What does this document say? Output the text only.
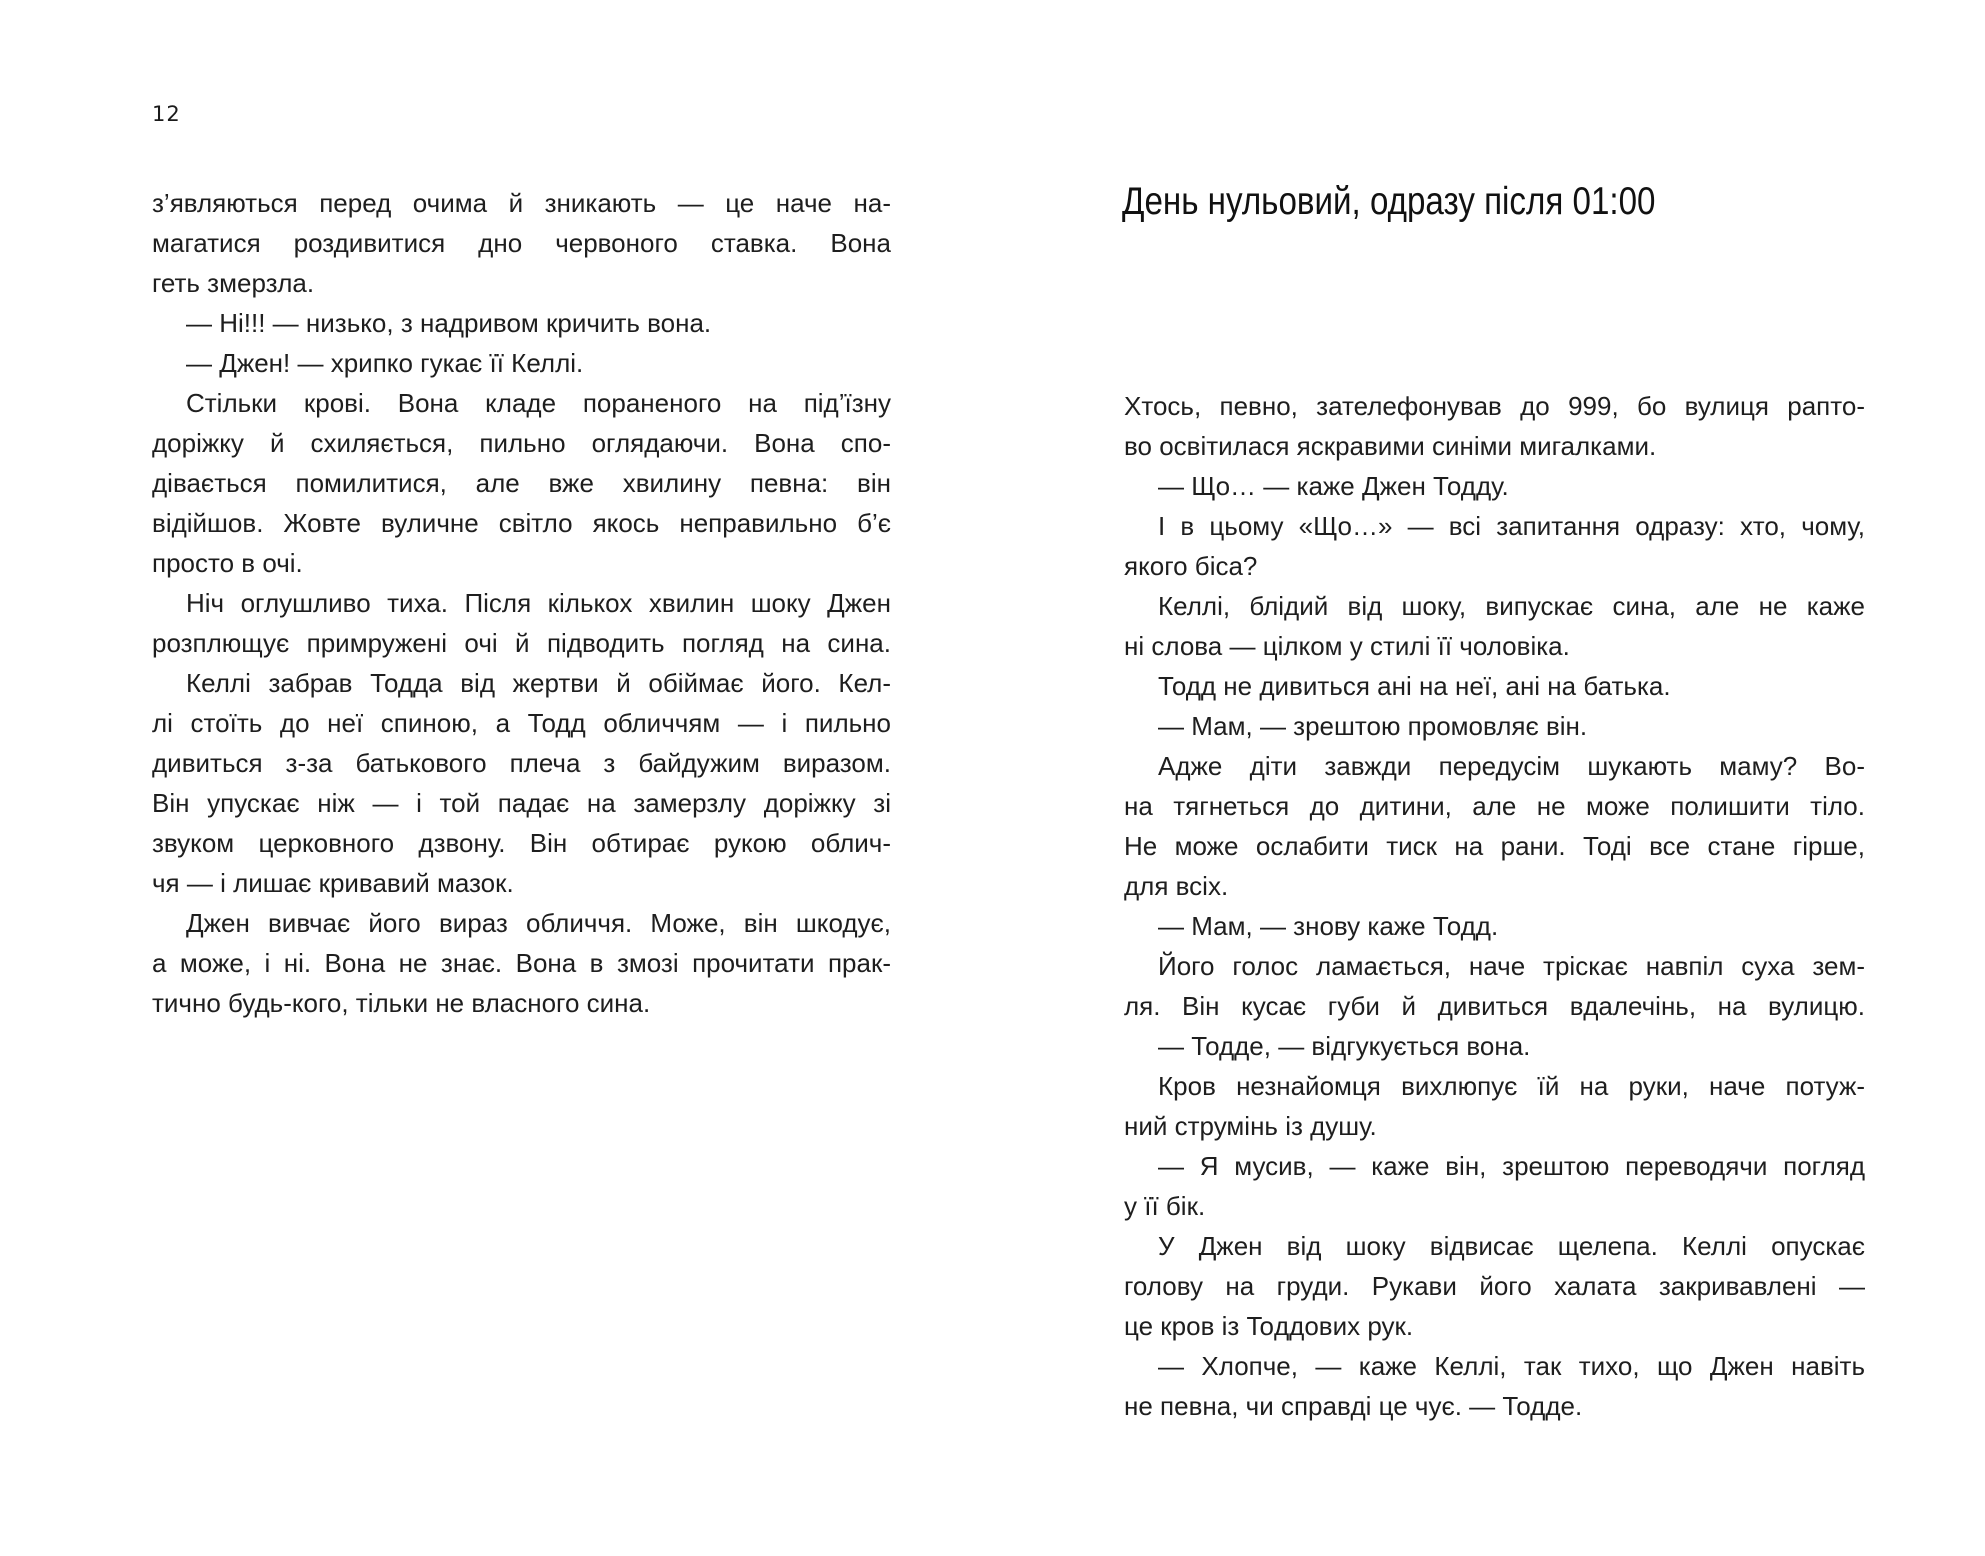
12
з’являються перед очима й зникають — це наче на-
магатися роздивитися дно червоного ставка. Вона
геть змерзла.
— Ні!!! — низько, з надривом кричить вона.
— Джен! — хрипко гукає її Келлі.
Стільки крові. Вона кладе пораненого на під’їзну
доріжку й схиляється, пильно оглядаючи. Вона спо-
дівається помилитися, але вже хвилину певна: він
відійшов. Жовте вуличне світло якось неправильно б’є
просто в очі.
Ніч оглушливо тиха. Після кількох хвилин шоку Джен
розплющує примружені очі й підводить погляд на сина.
Келлі забрав Тодда від жертви й обіймає його. Кел-
лі стоїть до неї спиною, а Тодд обличчям — і пильно
дивиться з-за батькового плеча з байдужим виразом.
Він упускає ніж — і той падає на замерзлу доріжку зі
звуком церковного дзвону. Він обтирає рукою облич-
чя — і лишає кривавий мазок.
Джен вивчає його вираз обличчя. Може, він шкодує,
а може, і ні. Вона не знає. Вона в змозі прочитати прак-
тично будь-кого, тільки не власного сина.
День нульовий, одразу після 01:00
Хтось, певно, зателефонував до 999, бо вулиця рапто-
во освітилася яскравими синіми мигалками.
— Що… — каже Джен Тодду.
І в цьому «Що…» — всі запитання одразу: хто, чому,
якого біса?
Келлі, блідий від шоку, випускає сина, але не каже
ні слова — цілком у стилі її чоловіка.
Тодд не дивиться ані на неї, ані на батька.
— Мам, — зрештою промовляє він.
Адже діти завжди передусім шукають маму? Во-
на тягнеться до дитини, але не може полишити тіло.
Не може ослабити тиск на рани. Тоді все стане гірше,
для всіх.
— Мам, — знову каже Тодд.
Його голос ламається, наче тріскає навпіл суха зем-
ля. Він кусає губи й дивиться вдалечінь, на вулицю.
— Тодде, — відгукується вона.
Кров незнайомця вихлюпує їй на руки, наче потуж-
ний струмінь із душу.
— Я мусив, — каже він, зрештою переводячи погляд
у її бік.
У Джен від шоку відвисає щелепа. Келлі опускає
голову на груди. Рукави його халата закривавлені —
це кров із Toддових рук.
— Хлопче, — каже Келлі, так тихо, що Джен навіть
не певна, чи справді це чує. — Тодде.
